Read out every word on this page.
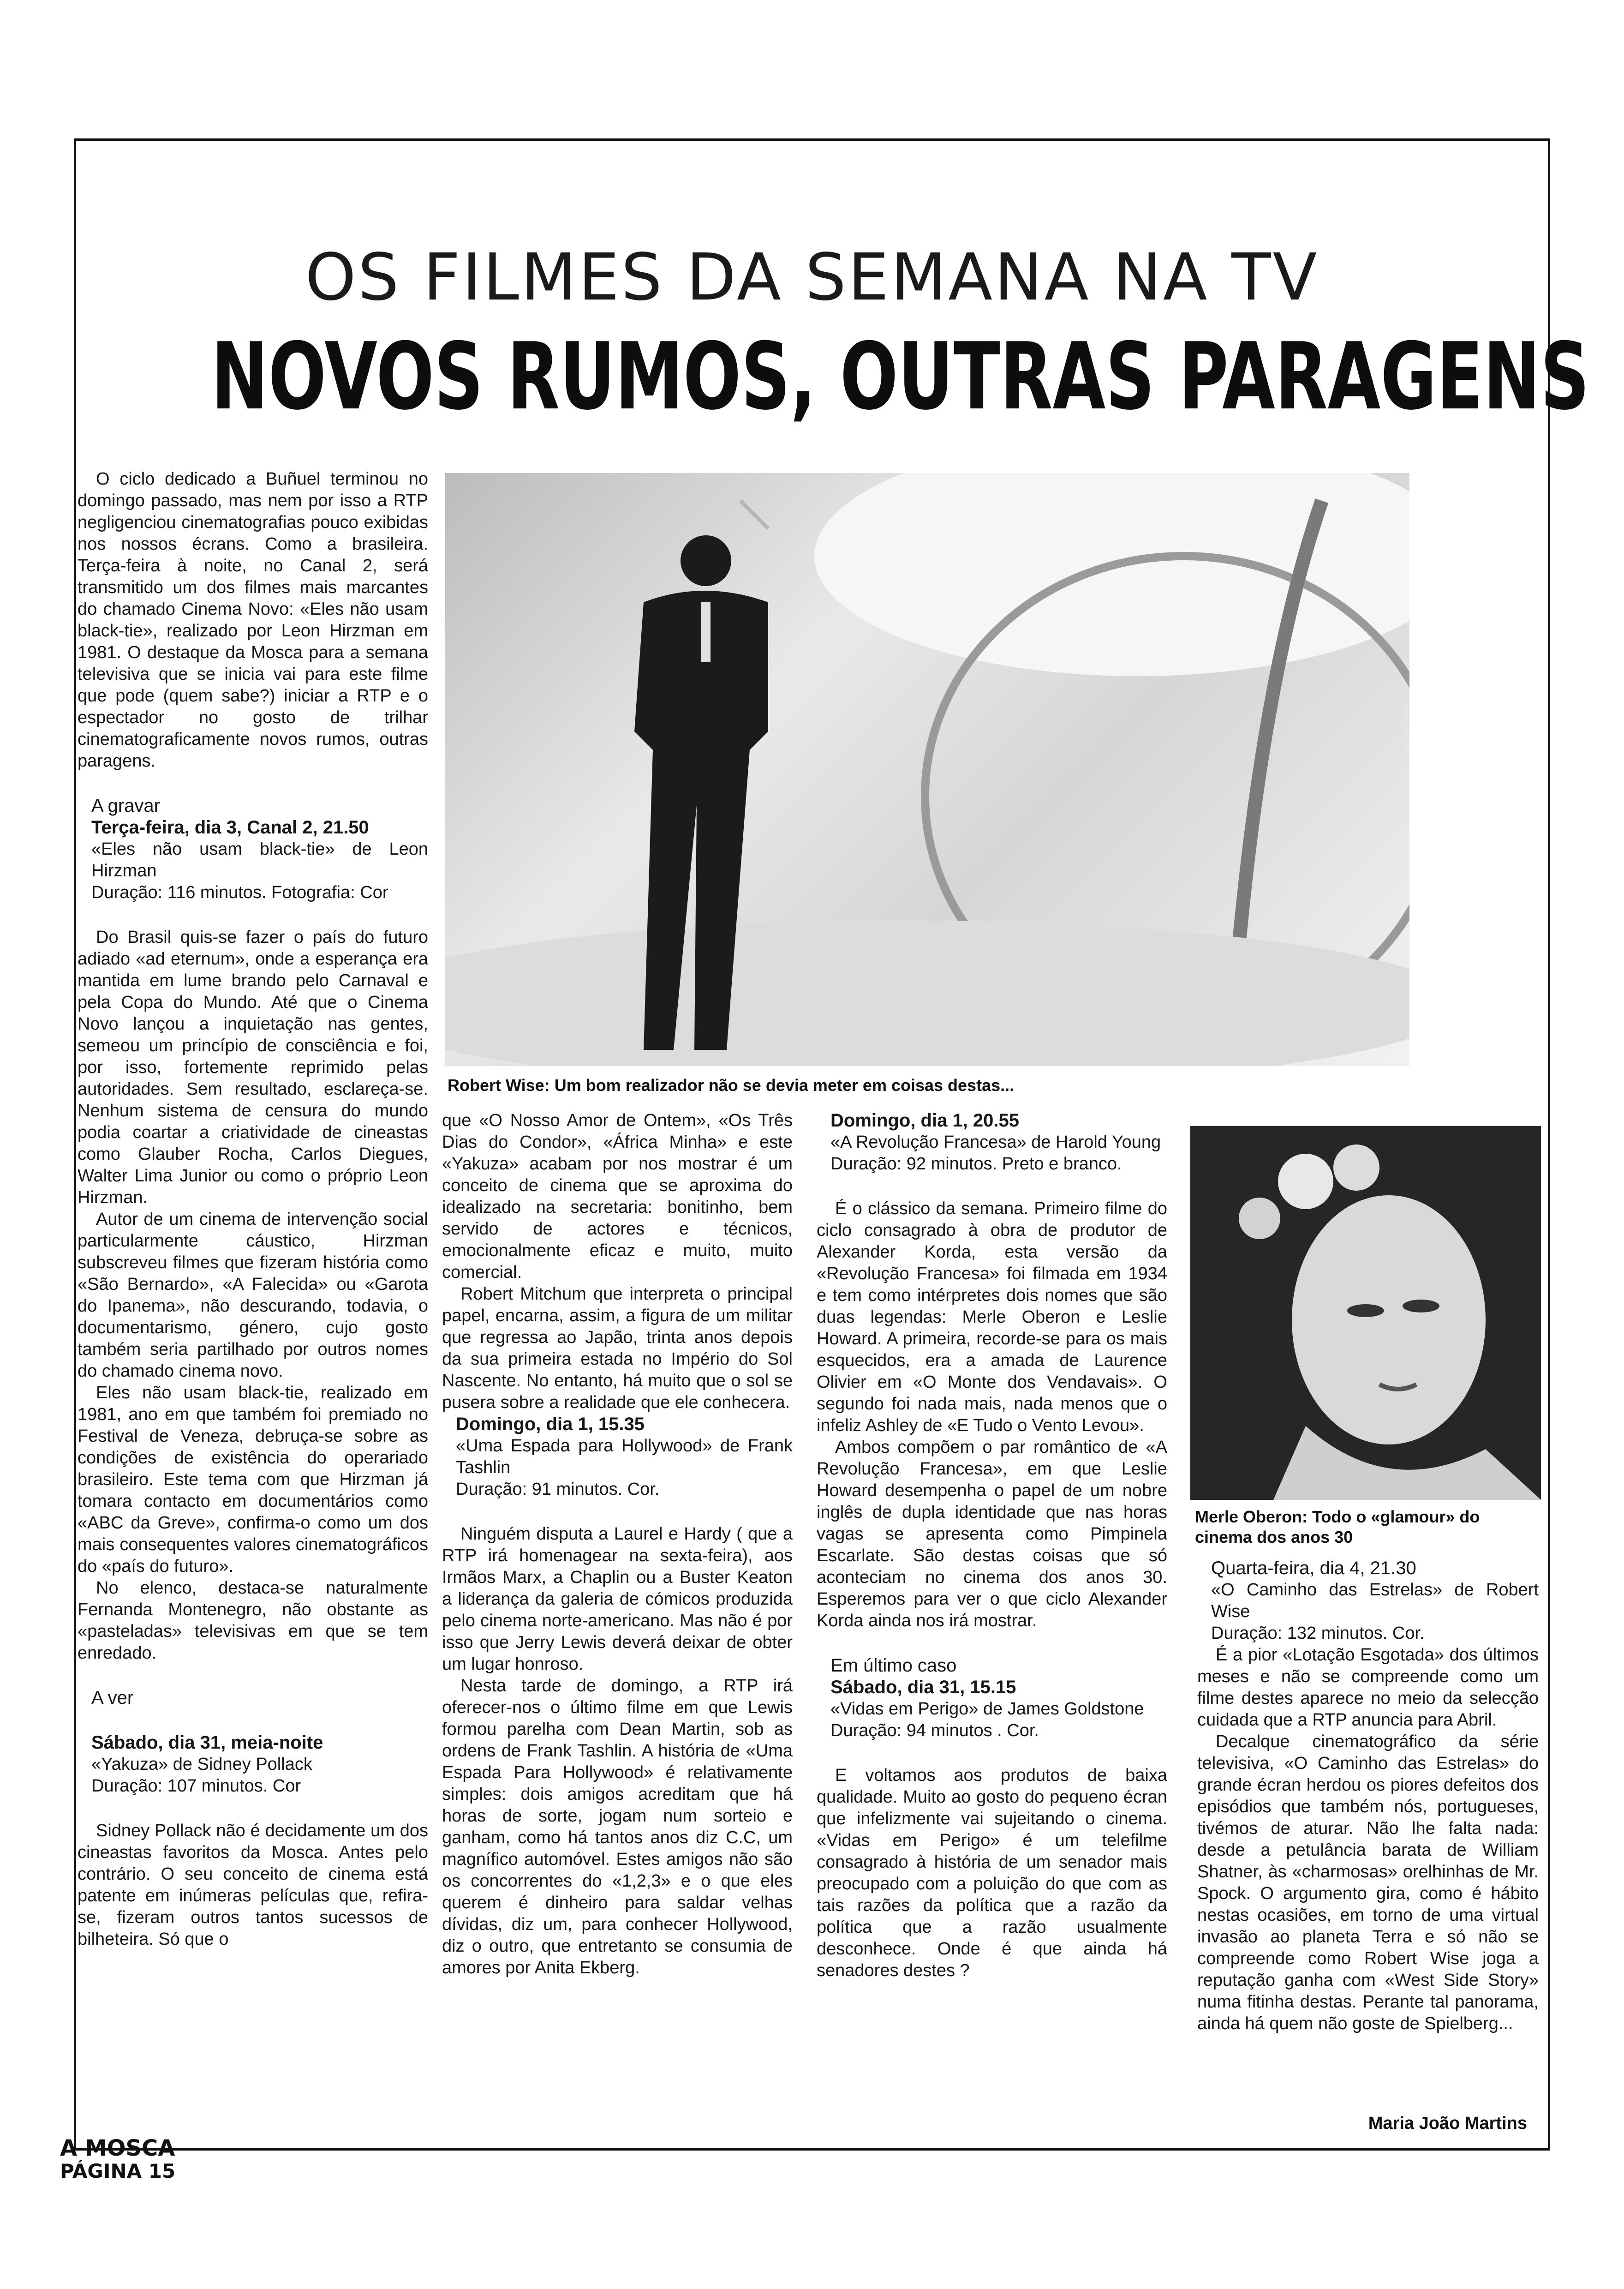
OS FILMES DA SEMANA NA TV
NOVOS RUMOS, OUTRAS PARAGENS

O ciclo dedicado a Buñuel terminou no domingo passado, mas nem por isso a RTP negligenciou cinematografias pouco exibidas nos nossos écrans. Como a brasileira. Terça-feira à noite, no Canal 2, será transmitido um dos filmes mais marcantes do chamado Cinema Novo: «Eles não usam black-tie», realizado por Leon Hirzman em 1981. O destaque da Mosca para a semana televisiva que se inicia vai para este filme que pode (quem sabe?) iniciar a RTP e o espectador no gosto de trilhar cinematograficamente novos rumos, outras paragens.

A gravar
Terça-feira, dia 3, Canal 2, 21.50

«Eles não usam black-tie» de Leon Hirzman

Duração: 116 minutos. Fotografia: Cor

Do Brasil quis-se fazer o país do futuro adiado «ad eternum», onde a esperança era mantida em lume brando pelo Carnaval e pela Copa do Mundo. Até que o Cinema Novo lançou a inquietação nas gentes, semeou um princípio de consciência e foi, por isso, fortemente reprimido pelas autoridades. Sem resultado, esclareça-se. Nenhum sistema de censura do mundo podia coartar a criatividade de cineastas como Glauber Rocha, Carlos Diegues, Walter Lima Junior ou como o próprio Leon Hirzman.

Autor de um cinema de intervenção social particularmente cáustico, Hirzman subscreveu filmes que fizeram história como «São Bernardo», «A Falecida» ou «Garota do Ipanema», não descurando, todavia, o documentarismo, género, cujo gosto também seria partilhado por outros nomes do chamado cinema novo.

Eles não usam black-tie, realizado em 1981, ano em que também foi premiado no Festival de Veneza, debruça-se sobre as condições de existência do operariado brasileiro. Este tema com que Hirzman já tomara contacto em documentários como «ABC da Greve», confirma-o como um dos mais consequentes valores cinematográficos do «país do futuro».

No elenco, destaca-se naturalmente Fernanda Montenegro, não obstante as «pasteladas» televisivas em que se tem enredado.

A ver
Sábado, dia 31, meia-noite

«Yakuza» de Sidney Pollack

Duração: 107 minutos. Cor

Sidney Pollack não é decidamente um dos cineastas favoritos da Mosca. Antes pelo contrário. O seu conceito de cinema está patente em inúmeras películas que, refira-se, fizeram outros tantos sucessos de bilheteira. Só que o

Robert Wise: Um bom realizador não se devia meter em coisas destas...

que «O Nosso Amor de Ontem», «Os Três Dias do Condor», «África Minha» e este «Yakuza» acabam por nos mostrar é um conceito de cinema que se aproxima do idealizado na secretaria: bonitinho, bem servido de actores e técnicos, emocionalmente eficaz e muito, muito comercial.

Robert Mitchum que interpreta o principal papel, encarna, assim, a figura de um militar que regressa ao Japão, trinta anos depois da sua primeira estada no Império do Sol Nascente. No entanto, há muito que o sol se pusera sobre a realidade que ele conhecera.

Domingo, dia 1, 15.35

«Uma Espada para Hollywood» de Frank Tashlin

Duração: 91 minutos. Cor.

Ninguém disputa a Laurel e Hardy ( que a RTP irá homenagear na sexta-feira), aos Irmãos Marx, a Chaplin ou a Buster Keaton a liderança da galeria de cómicos produzida pelo cinema norte-americano. Mas não é por isso que Jerry Lewis deverá deixar de obter um lugar honroso.

Nesta tarde de domingo, a RTP irá oferecer-nos o último filme em que Lewis formou parelha com Dean Martin, sob as ordens de Frank Tashlin. A história de «Uma Espada Para Hollywood» é relativamente simples: dois amigos acreditam que há horas de sorte, jogam num sorteio e ganham, como há tantos anos diz C.C, um magnífico automóvel. Estes amigos não são os concorrentes do «1,2,3» e o que eles querem é dinheiro para saldar velhas dívidas, diz um, para conhecer Hollywood, diz o outro, que entretanto se consumia de amores por Anita Ekberg.

Domingo, dia 1, 20.55

«A Revolução Francesa» de Harold Young

Duração: 92 minutos. Preto e branco.

É o clássico da semana. Primeiro filme do ciclo consagrado à obra de produtor de Alexander Korda, esta versão da «Revolução Francesa» foi filmada em 1934 e tem como intérpretes dois nomes que são duas legendas: Merle Oberon e Leslie Howard. A primeira, recorde-se para os mais esquecidos, era a amada de Laurence Olivier em «O Monte dos Vendavais». O segundo foi nada mais, nada menos que o infeliz Ashley de «E Tudo o Vento Levou».

Ambos compõem o par romântico de «A Revolução Francesa», em que Leslie Howard desempenha o papel de um nobre inglês de dupla identidade que nas horas vagas se apresenta como Pimpinela Escarlate. São destas coisas que só aconteciam no cinema dos anos 30. Esperemos para ver o que ciclo Alexander Korda ainda nos irá mostrar.

Em último caso
Sábado, dia 31, 15.15

«Vidas em Perigo» de James Goldstone

Duração: 94 minutos . Cor.

E voltamos aos produtos de baixa qualidade. Muito ao gosto do pequeno écran que infelizmente vai sujeitando o cinema. «Vidas em Perigo» é um telefilme consagrado à história de um senador mais preocupado com a poluição do que com as tais razões da política que a razão da política que a razão usualmente desconhece. Onde é que ainda há senadores destes ?

Merle Oberon: Todo o «glamour» do cinema dos anos 30
Quarta-feira, dia 4, 21.30

«O Caminho das Estrelas» de Robert Wise

Duração: 132 minutos. Cor.

É a pior «Lotação Esgotada» dos últimos meses e não se compreende como um filme destes aparece no meio da selecção cuidada que a RTP anuncia para Abril.

Decalque cinematográfico da série televisiva, «O Caminho das Estrelas» do grande écran herdou os piores defeitos dos episódios que também nós, portugueses, tivémos de aturar. Não lhe falta nada: desde a petulância barata de William Shatner, às «charmosas» orelhinhas de Mr. Spock. O argumento gira, como é hábito nestas ocasiões, em torno de uma virtual invasão ao planeta Terra e só não se compreende como Robert Wise joga a reputação ganha com «West Side Story» numa fitinha destas. Perante tal panorama, ainda há quem não goste de Spielberg...

Maria João Martins
A MOSCA
PÁGINA 15
